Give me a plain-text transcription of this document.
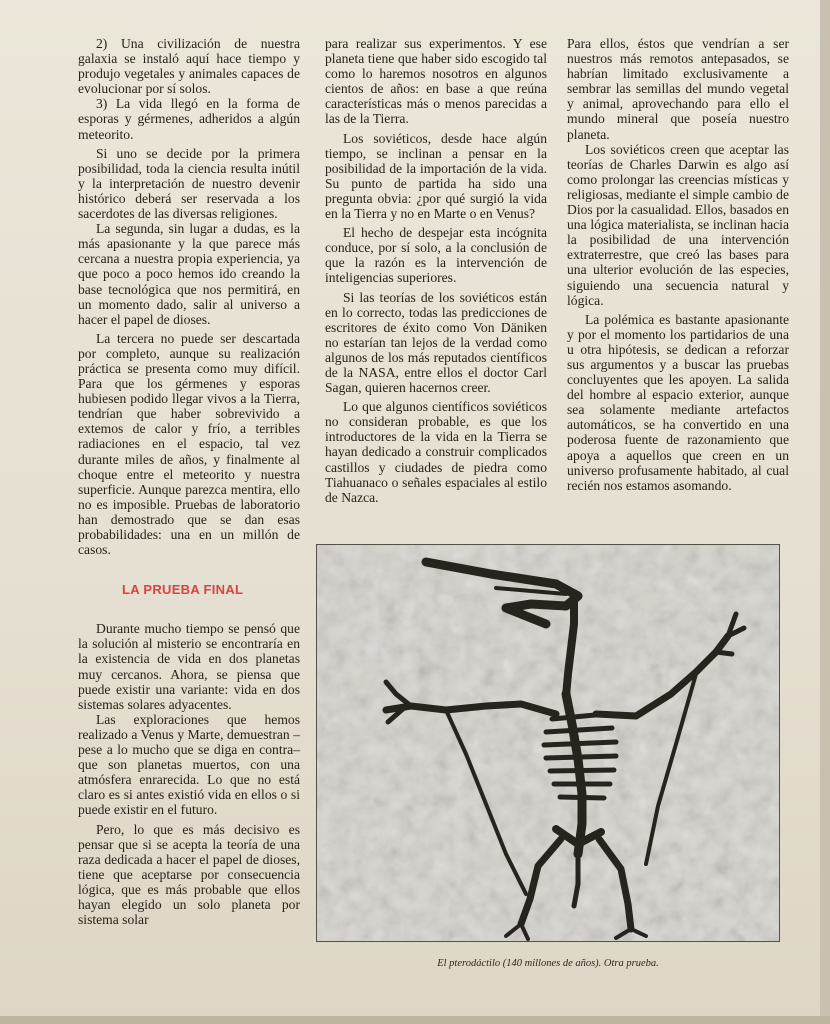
2) Una civilización de nuestra galaxia se instaló aquí hace tiempo y produjo vegetales y animales capaces de evolucionar por sí solos.

3) La vida llegó en la forma de esporas y gérmenes, adheridos a algún meteorito.

Si uno se decide por la primera posibilidad, toda la ciencia resulta inútil y la interpretación de nuestro devenir histórico deberá ser reservada a los sacerdotes de las diversas religiones.

La segunda, sin lugar a dudas, es la más apasionante y la que parece más cercana a nuestra propia experiencia, ya que poco a poco hemos ido creando la base tecnológica que nos permitirá, en un momento dado, salir al universo a hacer el papel de dioses.

La tercera no puede ser descartada por completo, aunque su realización práctica se presenta como muy difícil. Para que los gérmenes y esporas hubiesen podido llegar vivos a la Tierra, tendrían que haber sobrevivido a extemos de calor y frío, a terribles radiaciones en el espacio, tal vez durante miles de años, y finalmente al choque entre el meteorito y nuestra superficie. Aunque parezca mentira, ello no es imposible. Pruebas de laboratorio han demostrado que se dan esas probabilidades: una en un millón de casos.

LA PRUEBA FINAL

Durante mucho tiempo se pensó que la solución al misterio se encontraría en la existencia de vida en dos planetas muy cercanos. Ahora, se piensa que puede existir una variante: vida en dos sistemas solares adyacentes.

Las exploraciones que hemos realizado a Venus y Marte, demuestran –pese a lo mucho que se diga en contra– que son planetas muertos, con una atmósfera enrarecida. Lo que no está claro es si antes existió vida en ellos o si puede existir en el futuro.

Pero, lo que es más decisivo es pensar que si se acepta la teoría de una raza dedicada a hacer el papel de dioses, tiene que aceptarse por consecuencia lógica, que es más probable que ellos hayan elegido un solo planeta por sistema solar

para realizar sus experimentos. Y ese planeta tiene que haber sido escogido tal como lo haremos nosotros en algunos cientos de años: en base a que reúna características más o menos parecidas a las de la Tierra.

Los soviéticos, desde hace algún tiempo, se inclinan a pensar en la posibilidad de la importación de la vida. Su punto de partida ha sido una pregunta obvia: ¿por qué surgió la vida en la Tierra y no en Marte o en Venus?

El hecho de despejar esta incógnita conduce, por sí solo, a la conclusión de que la razón es la intervención de inteligencias superiores.

Si las teorías de los soviéticos están en lo correcto, todas las predicciones de escritores de éxito como Von Däniken no estarían tan lejos de la verdad como algunos de los más reputados científicos de la NASA, entre ellos el doctor Carl Sagan, quieren hacernos creer.

Lo que algunos científicos soviéticos no consideran probable, es que los introductores de la vida en la Tierra se hayan dedicado a construir complicados castillos y ciudades de piedra como Tiahuanaco o señales espaciales al estilo de Nazca.

Para ellos, éstos que vendrían a ser nuestros más remotos antepasados, se habrían limitado exclusivamente a sembrar las semillas del mundo vegetal y animal, aprovechando para ello el mundo mineral que poseía nuestro planeta.

Los soviéticos creen que aceptar las teorías de Charles Darwin es algo así como prolongar las creencias místicas y religiosas, mediante el simple cambio de Dios por la casualidad. Ellos, basados en una lógica materialista, se inclinan hacia la posibilidad de una intervención extraterrestre, que creó las bases para una ulterior evolución de las especies, siguiendo una secuencia natural y lógica.

La polémica es bastante apasionante y por el momento los partidarios de una u otra hipótesis, se dedican a reforzar sus argumentos y a buscar las pruebas concluyentes que les apoyen. La salida del hombre al espacio exterior, aunque sea solamente mediante artefactos automáticos, se ha convertido en una poderosa fuente de razonamiento que apoya a aquellos que creen en un universo profusamente habitado, al cual recién nos estamos asomando.

El pterodáctilo (140 millones de años). Otra prueba.
